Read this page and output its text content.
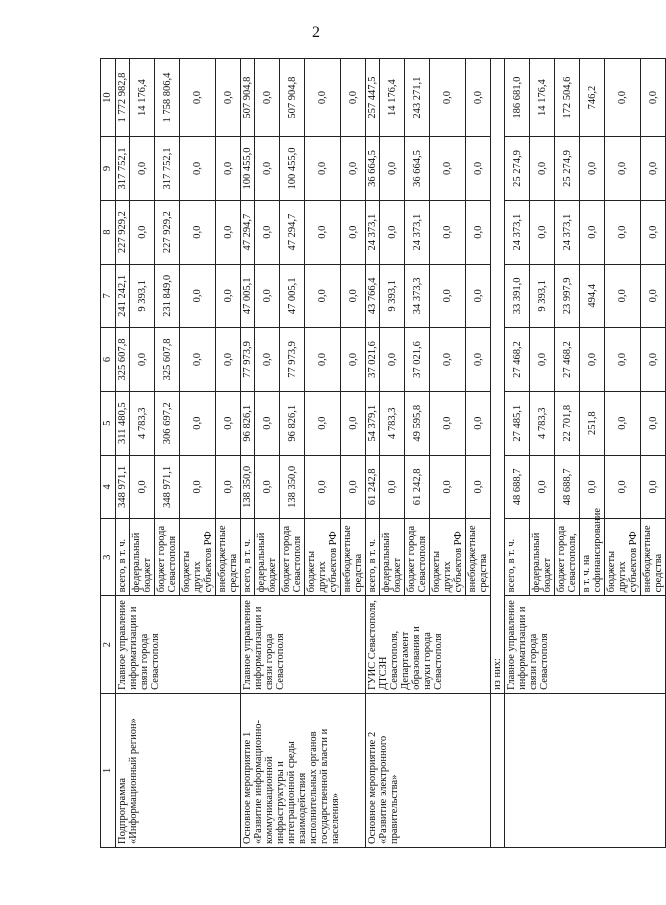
2
1	2	3	4	5	6	7	8	9	10
Подпрограмма «Информационный регион»	Главное управление информатизации и связи города Севастополя	всего, в т. ч.	348 971,1	311 480,5	325 607,8	241 242,1	227 929,2	317 752,1	1 772 982,8
		федеральный бюджет	0,0	4 783,3	0,0	9 393,1	0,0	0,0	14 176,4
		бюджет города Севастополя	348 971,1	306 697,2	325 607,8	231 849,0	227 929,2	317 752,1	1 758 806,4
		бюджеты других субъектов РФ	0,0	0,0	0,0	0,0	0,0	0,0	0,0
		внебюджетные средства	0,0	0,0	0,0	0,0	0,0	0,0	0,0
Основное мероприятие 1 «Развитие информационно-коммуникационной инфраструктуры и интеграционной среды взаимодействия исполнительных органов государственной власти и населения»	Главное управление информатизации и связи города Севастополя	всего, в т. ч.	138 350,0	96 826,1	77 973,9	47 005,1	47 294,7	100 455,0	507 904,8
		федеральный бюджет	0,0	0,0	0,0	0,0	0,0	0,0	0,0
		бюджет города Севастополя	138 350,0	96 826,1	77 973,9	47 005,1	47 294,7	100 455,0	507 904,8
		бюджеты других субъектов РФ	0,0	0,0	0,0	0,0	0,0	0,0	0,0
		внебюджетные средства	0,0	0,0	0,0	0,0	0,0	0,0	0,0
Основное мероприятие 2 «Развитие электронного правительства»	ГУИС Севастополя, ДТСЗН Севастополя, Департамент образования и науки города Севастополя	всего, в т. ч.	61 242,8	54 379,1	37 021,6	43 766,4	24 373,1	36 664,5	257 447,5
		федеральный бюджет	0,0	4 783,3	0,0	9 393,1	0,0	0,0	14 176,4
		бюджет города Севастополя	61 242,8	49 595,8	37 021,6	34 373,3	24 373,1	36 664,5	243 271,1
		бюджеты других субъектов РФ	0,0	0,0	0,0	0,0	0,0	0,0	0,0
		внебюджетные средства	0,0	0,0	0,0	0,0	0,0	0,0	0,0
	из них:								
	Главное управление информатизации и связи города Севастополя	всего, в т. ч.	48 688,7	27 485,1	27 468,2	33 391,0	24 373,1	25 274,9	186 681,0
		федеральный бюджет	0,0	4 783,3	0,0	9 393,1	0,0	0,0	14 176,4
		бюджет города Севастополя,	48 688,7	22 701,8	27 468,2	23 997,9	24 373,1	25 274,9	172 504,6
		в т. ч. на софинансирование	0,0	251,8	0,0	494,4	0,0	0,0	746,2
		бюджеты других субъектов РФ	0,0	0,0	0,0	0,0	0,0	0,0	0,0
		внебюджетные средства	0,0	0,0	0,0	0,0	0,0	0,0	0,0
